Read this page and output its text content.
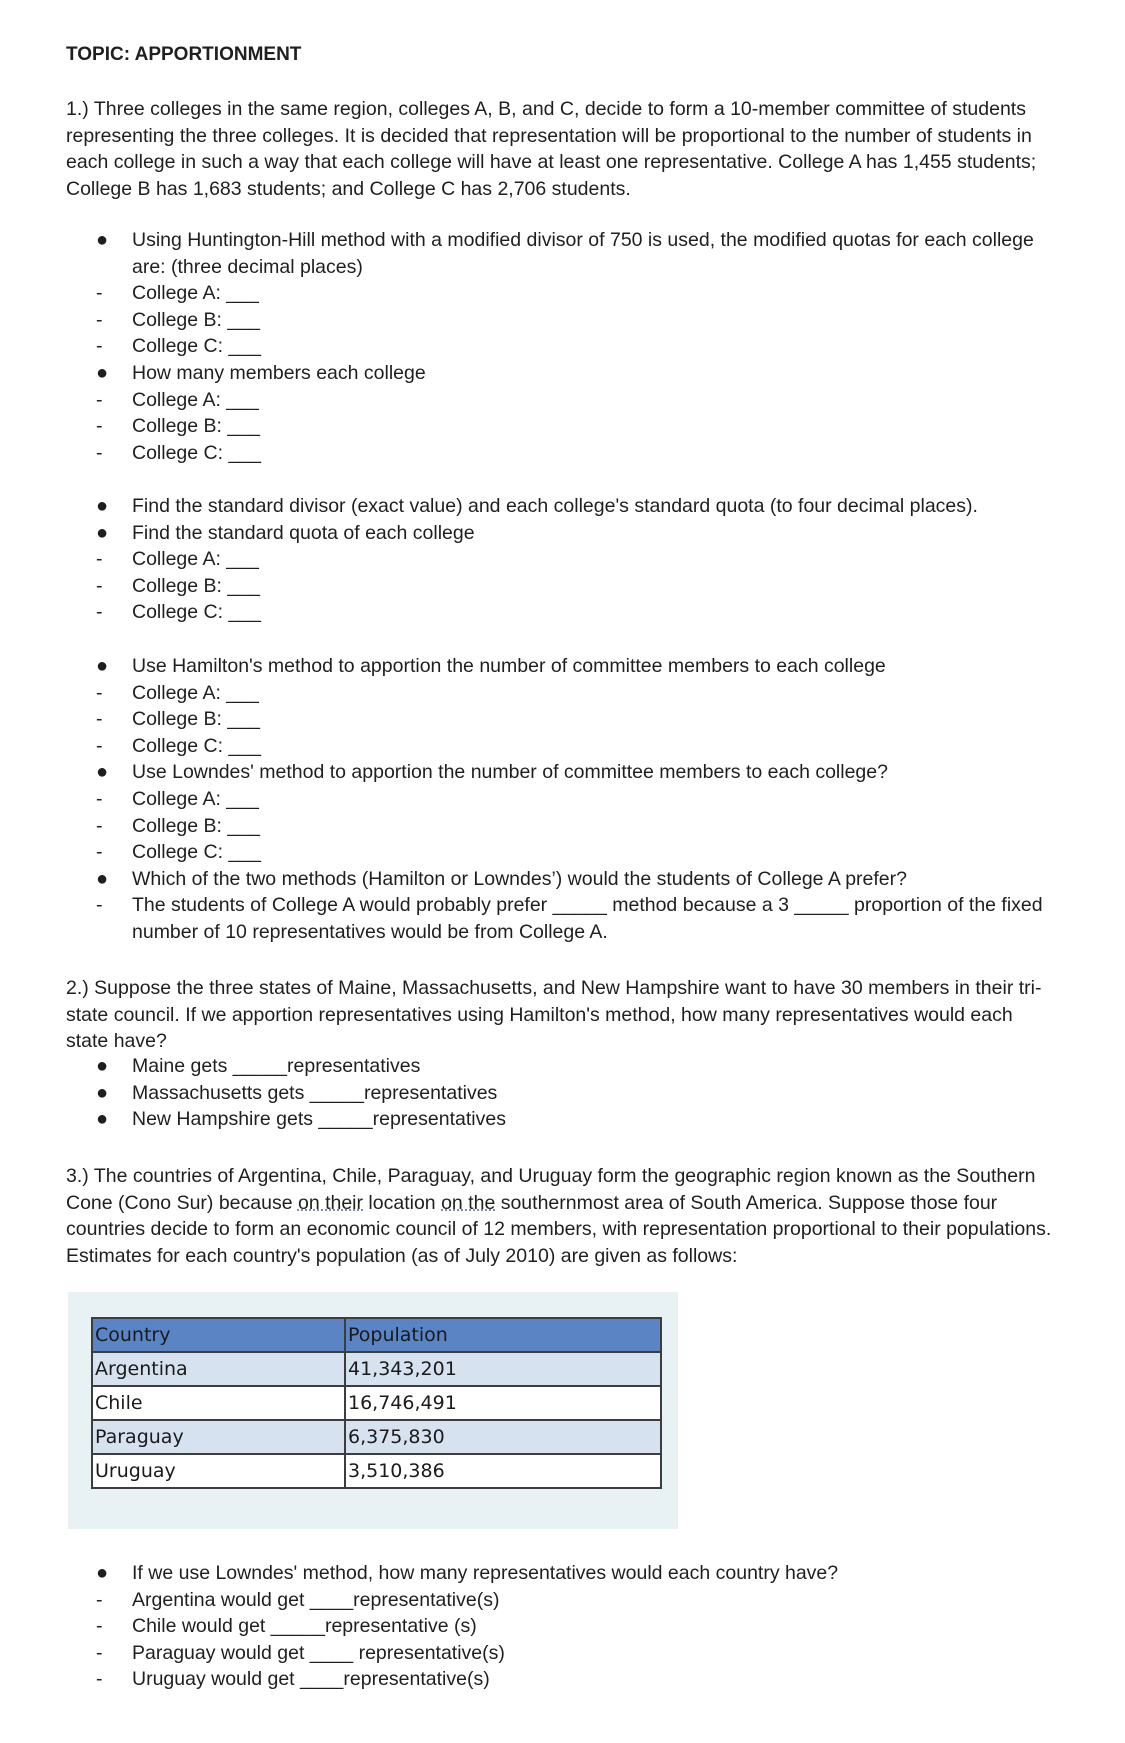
TOPIC: APPORTIONMENT

1.) Three colleges in the same region, colleges A, B, and C, decide to form a 10-member committee of students representing the three colleges. It is decided that representation will be proportional to the number of students in each college in such a way that each college will have at least one representative. College A has 1,455 students; College B has 1,683 students; and College C has 2,706 students.

●	Using Huntington-Hill method with a modified divisor of 750 is used, the modified quotas for each college are: (three decimal places)
-	College A: ___
-	College B: ___
-	College C: ___
●	How many members each college
-	College A: ___
-	College B: ___
-	College C: ___
●	Find the standard divisor (exact value) and each college's standard quota (to four decimal places).
●	Find the standard quota of each college
-	College A: ___
-	College B: ___
-	College C: ___
●	Use Hamilton's method to apportion the number of committee members to each college
-	College A: ___
-	College B: ___
-	College C: ___
●	Use Lowndes' method to apportion the number of committee members to each college?
-	College A: ___
-	College B: ___
-	College C: ___
●	Which of the two methods (Hamilton or Lowndes’) would the students of College A prefer?
-	The students of College A would probably prefer _____ method because a 3 _____ proportion of the fixed number of 10 representatives would be from College A.

2.) Suppose the three states of Maine, Massachusetts, and New Hampshire want to have 30 members in their tri-state council. If we apportion representatives using Hamilton's method, how many representatives would each state have?

●	Maine gets _____representatives
●	Massachusetts gets _____representatives
●	New Hampshire gets _____representatives

3.) The countries of Argentina, Chile, Paraguay, and Uruguay form the geographic region known as the Southern Cone (Cono Sur) because on their location on the southernmost area of South America. Suppose those four countries decide to form an economic council of 12 members, with representation proportional to their populations. Estimates for each country's population (as of July 2010) are given as follows:

Country	Population
Argentina	41,343,201
Chile	16,746,491
Paraguay	6,375,830
Uruguay	3,510,386
●	If we use Lowndes' method, how many representatives would each country have?
-	Argentina would get ____representative(s)
-	Chile would get _____representative (s)
-	Paraguay would get ____ representative(s)
-	Uruguay would get ____representative(s)
